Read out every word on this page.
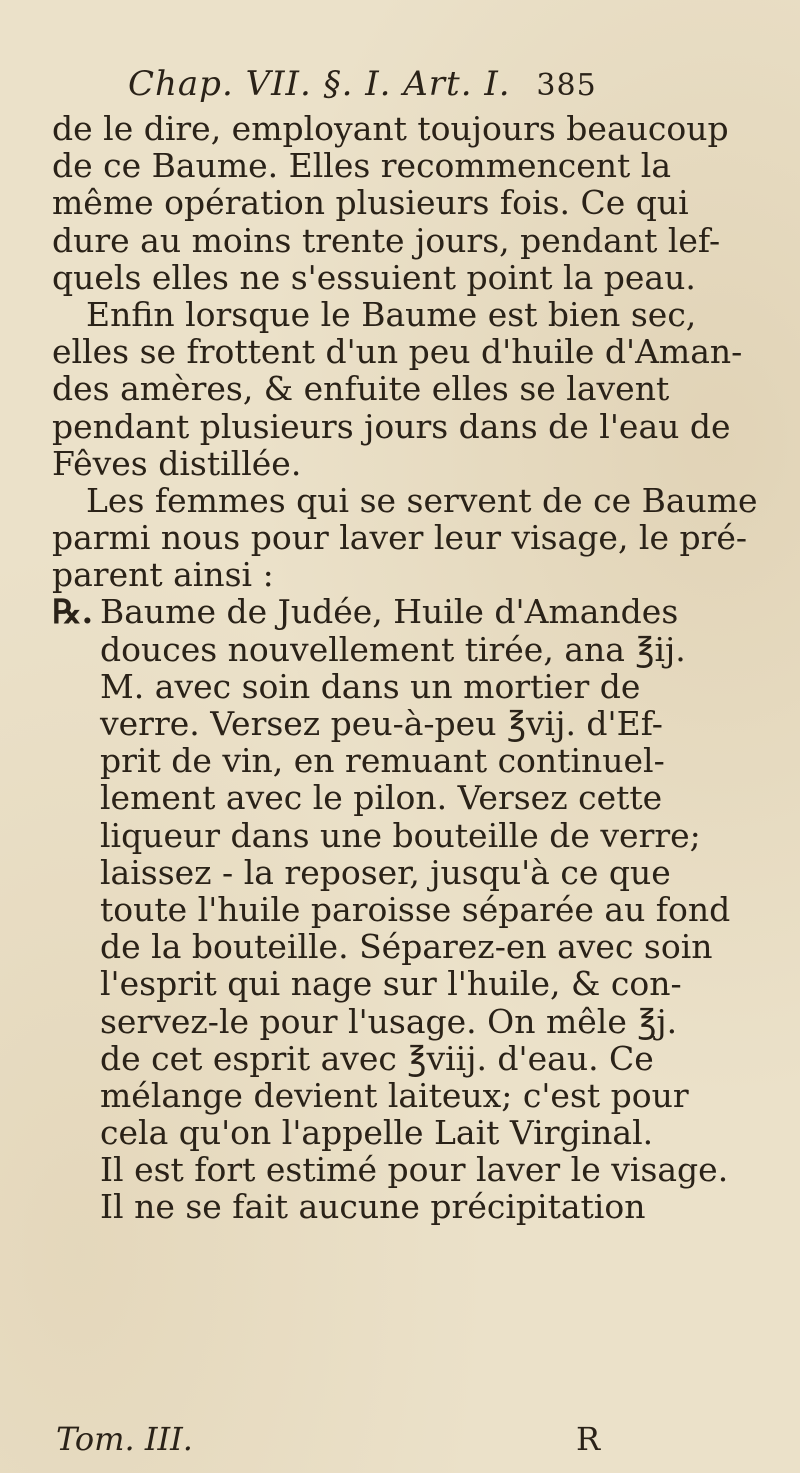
Chap. VII. §. I. Art. I. 385
de le dire, employant toujours beaucoup
de ce Baume. Elles recommencent la
même opération plusieurs fois. Ce qui
dure au moins trente jours, pendant lef-
quels elles ne s'essuient point la peau.
Enfin lorsque le Baume est bien sec,
elles se frottent d'un peu d'huile d'Aman-
des amères, & enfuite elles se lavent
pendant plusieurs jours dans de l'eau de
Fêves distillée.
Les femmes qui se servent de ce Baume
parmi nous pour laver leur visage, le pré-
parent ainsi :
℞. Baume de Judée, Huile d'Amandes
douces nouvellement tirée, ana ℥ij.
M. avec soin dans un mortier de
verre. Versez peu-à-peu ℥vij. d'Ef-
prit de vin, en remuant continuel-
lement avec le pilon. Versez cette
liqueur dans une bouteille de verre;
laissez - la reposer, jusqu'à ce que
toute l'huile paroisse séparée au fond
de la bouteille. Séparez-en avec soin
l'esprit qui nage sur l'huile, & con-
servez-le pour l'usage. On mêle ℥j.
de cet esprit avec ℥viij. d'eau. Ce
mélange devient laiteux; c'est pour
cela qu'on l'appelle Lait Virginal.
Il est fort estimé pour laver le visage.
Il ne se fait aucune précipitation
Tom. III.	R
